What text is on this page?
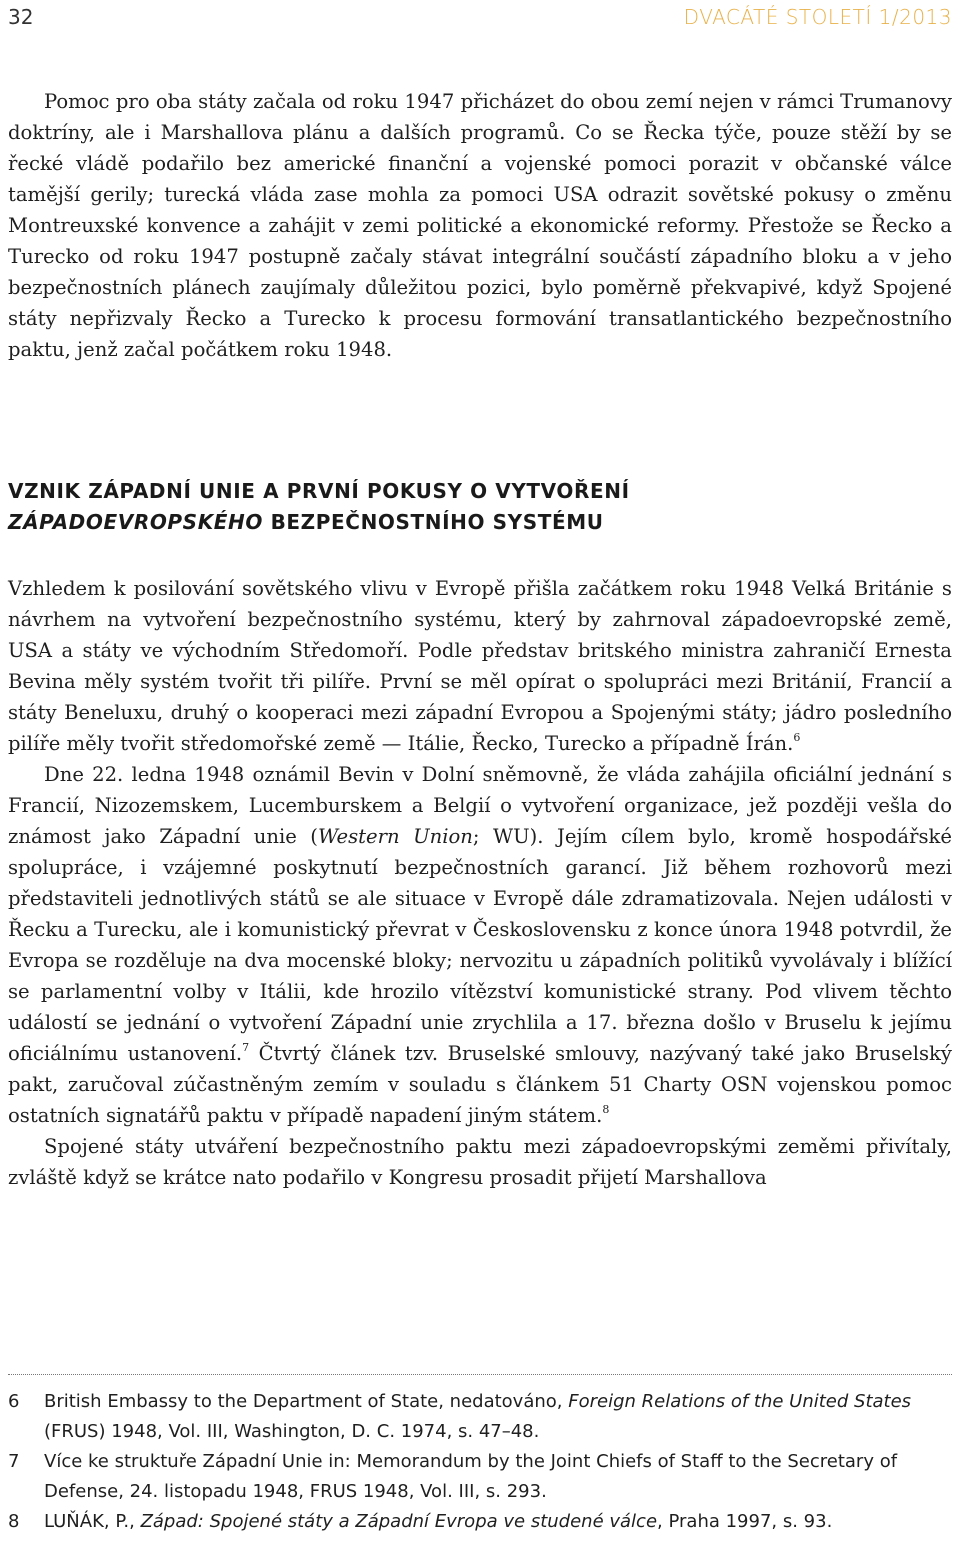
32	DVACÁTÉ STOLETÍ 1/2013

Pomoc pro oba státy začala od roku 1947 přicházet do obou zemí nejen v rámci Trumanovy doktríny, ale i Marshallova plánu a dalších programů. Co se Řecka týče, pouze stěží by se řecké vládě podařilo bez americké finanční a vojenské pomoci porazit v občanské válce tamější gerily; turecká vláda zase mohla za pomoci USA odrazit sovětské pokusy o změnu Montreuxské konvence a zahájit v zemi politické a ekonomické reformy. Přestože se Řecko a Turecko od roku 1947 postupně začaly stávat integrální součástí západního bloku a v jeho bezpečnostních plánech zaujímaly důležitou pozici, bylo poměrně překvapivé, když Spojené státy nepřizvaly Řecko a Turecko k procesu formování transatlantického bezpečnostního paktu, jenž začal počátkem roku 1948.

VZNIK ZÁPADNÍ UNIE A PRVNÍ POKUSY O VYTVOŘENÍ
ZÁPADOEVROPSKÉHO BEZPEČNOSTNÍHO SYSTÉMU

Vzhledem k posilování sovětského vlivu v Evropě přišla začátkem roku 1948 Velká Británie s návrhem na vytvoření bezpečnostního systému, který by zahrnoval západoevropské země, USA a státy ve východním Středomoří. Podle představ britského ministra zahraničí Ernesta Bevina měly systém tvořit tři pilíře. První se měl opírat o spolupráci mezi Británií, Francií a státy Beneluxu, druhý o kooperaci mezi západní Evropou a Spojenými státy; jádro posledního pilíře měly tvořit středomořské země — Itálie, Řecko, Turecko a případně Írán.$^6$

Dne 22. ledna 1948 oznámil Bevin v Dolní sněmovně, že vláda zahájila oficiální jednání s Francií, Nizozemskem, Lucemburskem a Belgií o vytvoření organizace, jež později vešla do známost jako Západní unie (Western Union; WU). Jejím cílem bylo, kromě hospodářské spolupráce, i vzájemné poskytnutí bezpečnostních garancí. Již během rozhovorů mezi představiteli jednotlivých států se ale situace v Evropě dále zdramatizovala. Nejen události v Řecku a Turecku, ale i komunistický převrat v Československu z konce února 1948 potvrdil, že Evropa se rozděluje na dva mocenské bloky; nervozitu u západních politiků vyvolávaly i blížící se parlamentní volby v Itálii, kde hrozilo vítězství komunistické strany. Pod vlivem těchto událostí se jednání o vytvoření Západní unie zrychlila a 17. března došlo v Bruselu k jejímu oficiálnímu ustanovení.$^7$ Čtvrtý článek tzv. Bruselské smlouvy, nazývaný také jako Bruselský pakt, zaručoval zúčastněným zemím v souladu s článkem 51 Charty OSN vojenskou pomoc ostatních signatářů paktu v případě napadení jiným státem.$^8$

Spojené státy utváření bezpečnostního paktu mezi západoevropskými zeměmi přivítaly, zvláště když se krátce nato podařilo v Kongresu prosadit přijetí Marshallova

6	British Embassy to the Department of State, nedatováno, Foreign Relations of the United States (FRUS) 1948, Vol. III, Washington, D. C. 1974, s. 47–48.

7	Více ke struktuře Západní Unie in: Memorandum by the Joint Chiefs of Staff to the Secretary of Defense, 24. listopadu 1948, FRUS 1948, Vol. III, s. 293.

8	LUŇÁK, P., Západ: Spojené státy a Západní Evropa ve studené válce, Praha 1997, s. 93.
